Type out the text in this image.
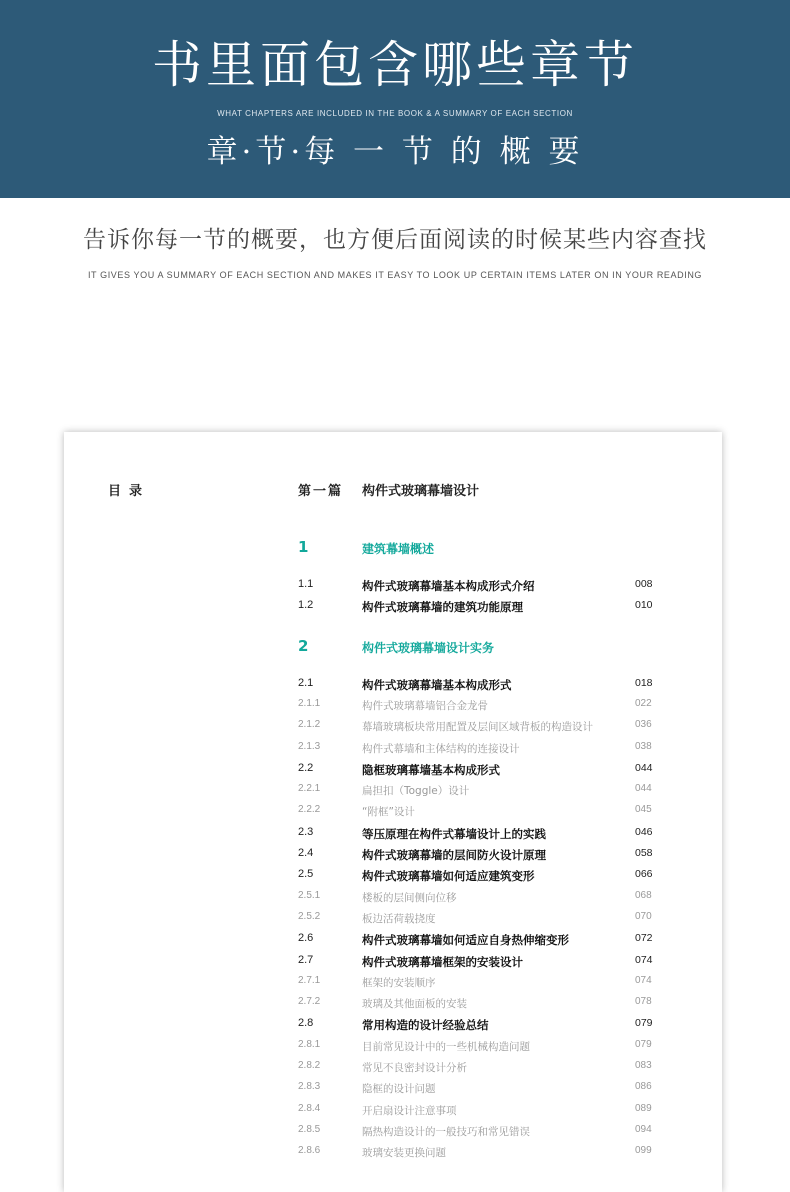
书里面包含哪些章节
WHAT CHAPTERS ARE INCLUDED IN THE BOOK & A SUMMARY OF EACH SECTION
章·节·每 一 节 的 概 要
告诉你每一节的概要，也方便后面阅读的时候某些内容查找
IT GIVES YOU A SUMMARY OF EACH SECTION AND MAKES IT EASY TO LOOK UP CERTAIN ITEMS LATER ON IN YOUR READING
目录	第一篇 构件式玻璃幕墙设计
1	建筑幕墙概述
1.1	构件式玻璃幕墙基本构成形式介绍	008
1.2	构件式玻璃幕墙的建筑功能原理	010
2	构件式玻璃幕墙设计实务
2.1	构件式玻璃幕墙基本构成形式	018
2.1.1	构件式玻璃幕墙铝合金龙骨	022
2.1.2	幕墙玻璃板块常用配置及层间区域背板的构造设计	036
2.1.3	构件式幕墙和主体结构的连接设计	038
2.2	隐框玻璃幕墙基本构成形式	044
2.2.1	扁担扣（Toggle）设计	044
2.2.2	“附框”设计	045
2.3	等压原理在构件式幕墙设计上的实践	046
2.4	构件式玻璃幕墙的层间防火设计原理	058
2.5	构件式玻璃幕墙如何适应建筑变形	066
2.5.1	楼板的层间侧向位移	068
2.5.2	板边活荷载挠度	070
2.6	构件式玻璃幕墙如何适应自身热伸缩变形	072
2.7	构件式玻璃幕墙框架的安装设计	074
2.7.1	框架的安装顺序	074
2.7.2	玻璃及其他面板的安装	078
2.8	常用构造的设计经验总结	079
2.8.1	目前常见设计中的一些机械构造问题	079
2.8.2	常见不良密封设计分析	083
2.8.3	隐框的设计问题	086
2.8.4	开启扇设计注意事项	089
2.8.5	隔热构造设计的一般技巧和常见错误	094
2.8.6	玻璃安装更换问题	099
